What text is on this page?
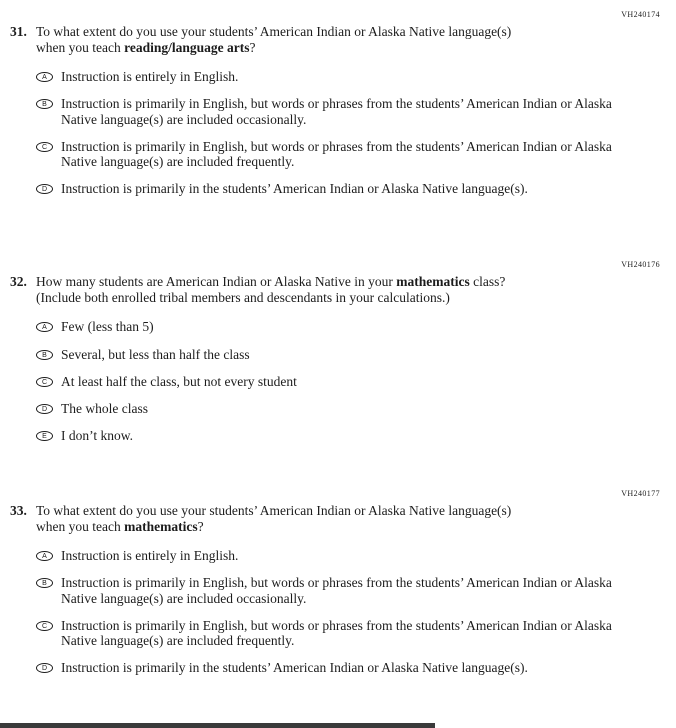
VH240174
31. To what extent do you use your students’ American Indian or Alaska Native language(s) when you teach reading/language arts?
A	Instruction is entirely in English.
B	Instruction is primarily in English, but words or phrases from the students’ American Indian or Alaska Native language(s) are included occasionally.
C	Instruction is primarily in English, but words or phrases from the students’ American Indian or Alaska Native language(s) are included frequently.
D	Instruction is primarily in the students’ American Indian or Alaska Native language(s).
VH240176
32. How many students are American Indian or Alaska Native in your mathematics class? (Include both enrolled tribal members and descendants in your calculations.)
A	Few (less than 5)
B	Several, but less than half the class
C	At least half the class, but not every student
D	The whole class
E	I don’t know.
VH240177
33. To what extent do you use your students’ American Indian or Alaska Native language(s) when you teach mathematics?
A	Instruction is entirely in English.
B	Instruction is primarily in English, but words or phrases from the students’ American Indian or Alaska Native language(s) are included occasionally.
C	Instruction is primarily in English, but words or phrases from the students’ American Indian or Alaska Native language(s) are included frequently.
D	Instruction is primarily in the students’ American Indian or Alaska Native language(s).
